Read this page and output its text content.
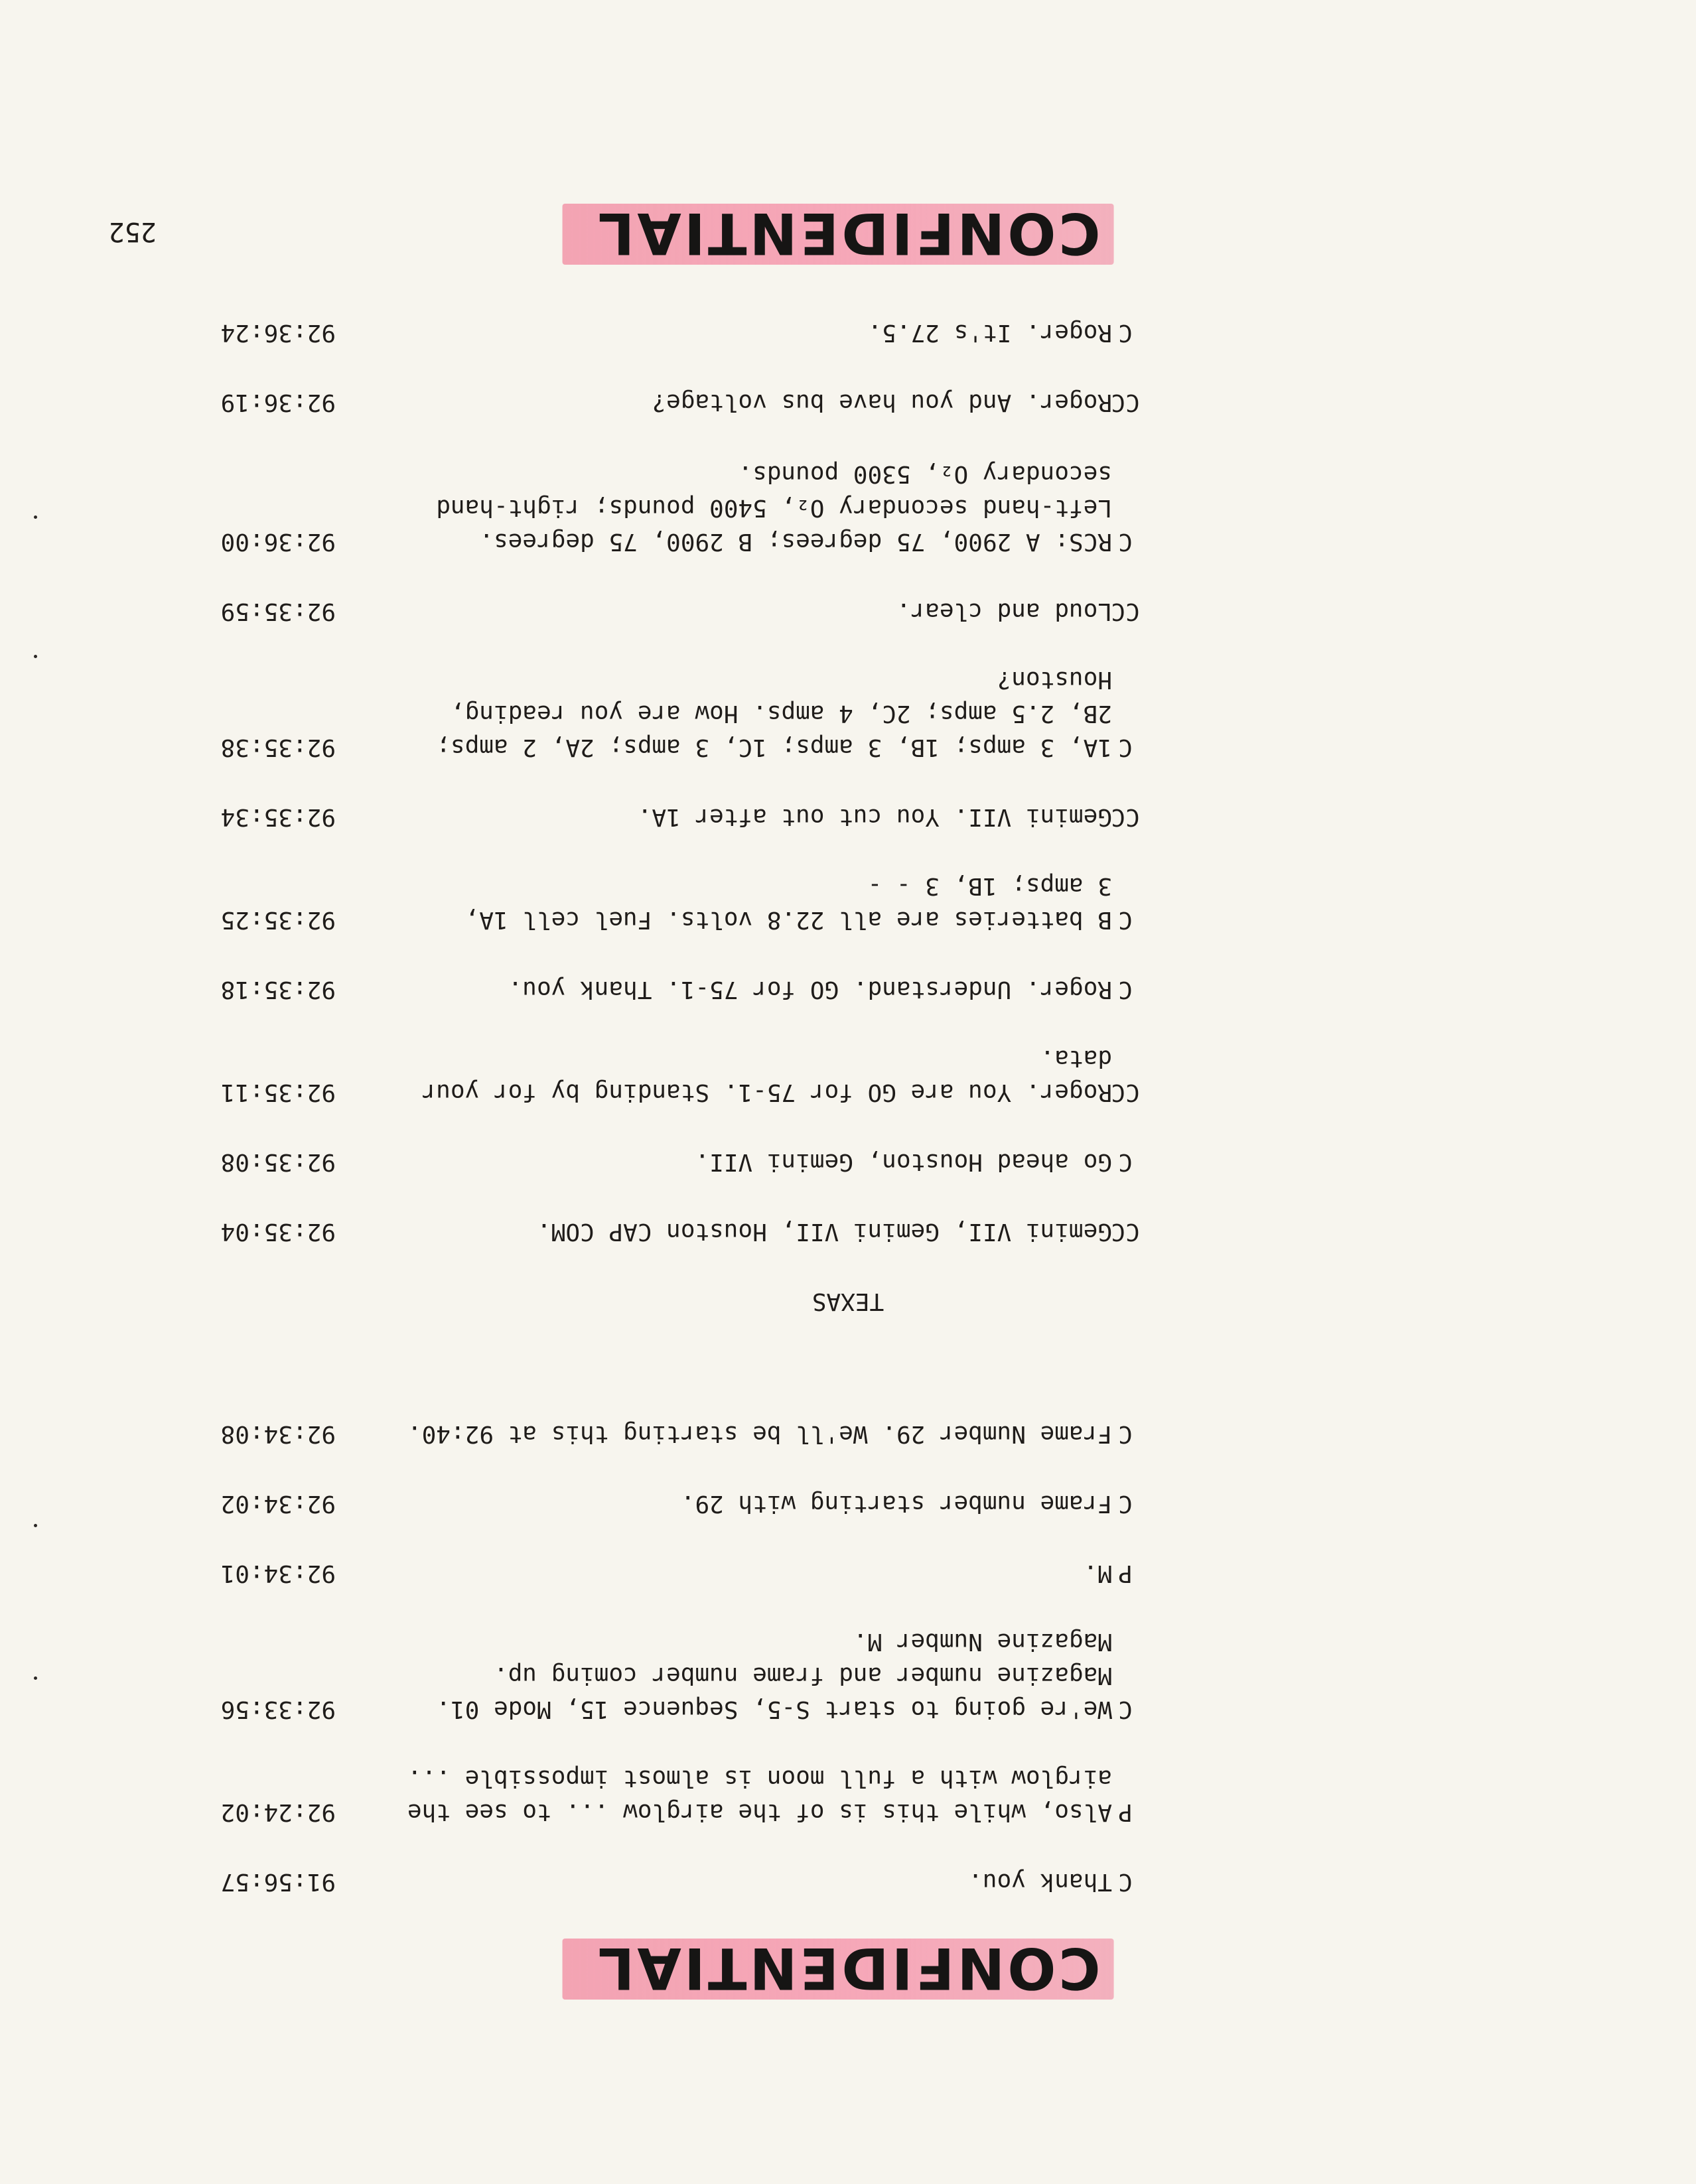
CONFIDENTIAL
252
91:56:57	C
Thank you.
92:24:02	P
Also, while this is of the airglow ... to see the
airglow with a full moon is almost impossible ...
92:33:56	C
We're going to start S-5, Sequence 15, Mode 01.
Magazine number and frame number coming up.
Magazine Number M.
92:34:01	P
M.
92:34:02	C
Frame number starting with 29.
92:34:08	C
Frame Number 29. We'll be starting this at 92:40.
TEXAS
92:35:04	CC
Gemini VII, Gemini VII, Houston CAP COM.
92:35:08	C
Go ahead Houston, Gemini VII.
92:35:11	CC
Roger. You are GO for 75-1. Standing by for your
data.
92:35:18	C
Roger. Understand. GO for 75-1. Thank you.
92:35:25	C
B batteries are all 22.8 volts. Fuel cell 1A,
3 amps; 1B, 3 - -
92:35:34	CC
Gemini VII. You cut out after 1A.
92:35:38	C
1A, 3 amps; 1B, 3 amps; 1C, 3 amps; 2A, 2 amps;
2B, 2.5 amps; 2C, 4 amps. How are you reading,
Houston?
92:35:59	CC
Loud and clear.
92:36:00	C
RCS: A 2900, 75 degrees; B 2900, 75 degrees.
Left-hand secondary O₂, 5400 pounds; right-hand
secondary O₂, 5300 pounds.
92:36:19	CC
Roger. And you have bus voltage?
92:36:24	C
Roger. It's 27.5.
CONFIDENTIAL
